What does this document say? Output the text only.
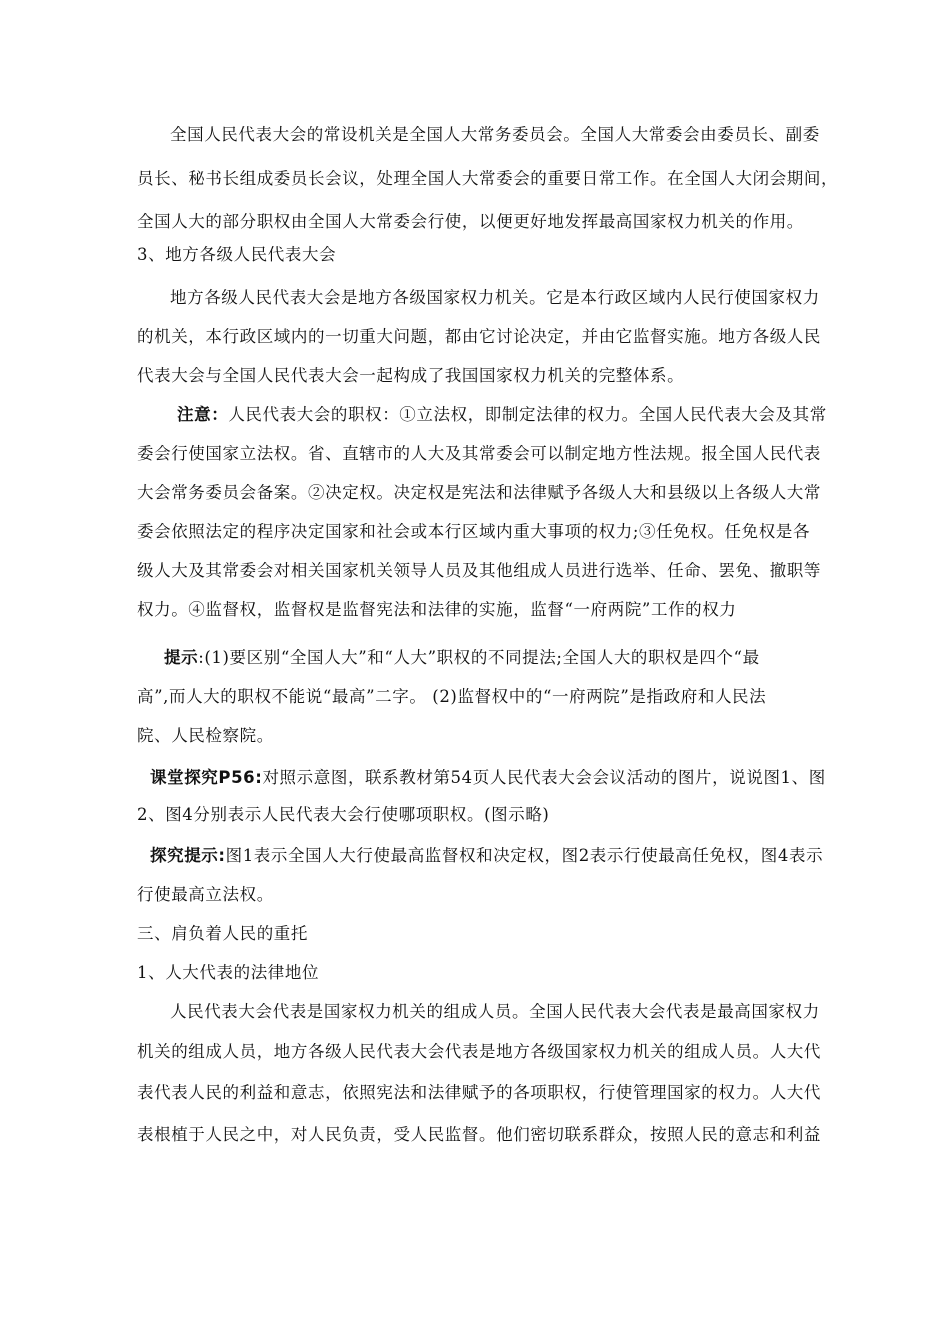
全国人民代表大会的常设机关是全国人大常务委员会。全国人大常委会由委员长、副委
员长、秘书长组成委员长会议，处理全国人大常委会的重要日常工作。在全国人大闭会期间，
全国人大的部分职权由全国人大常委会行使，以便更好地发挥最高国家权力机关的作用。
3、地方各级人民代表大会
地方各级人民代表大会是地方各级国家权力机关。它是本行政区域内人民行使国家权力
的机关，本行政区域内的一切重大问题，都由它讨论决定，并由它监督实施。地方各级人民
代表大会与全国人民代表大会一起构成了我国国家权力机关的完整体系。
注意：人民代表大会的职权：①立法权，即制定法律的权力。全国人民代表大会及其常
委会行使国家立法权。省、直辖市的人大及其常委会可以制定地方性法规。报全国人民代表
大会常务委员会备案。②决定权。决定权是宪法和法律赋予各级人大和县级以上各级人大常
委会依照法定的程序决定国家和社会或本行区域内重大事项的权力;③任免权。任免权是各
级人大及其常委会对相关国家机关领导人员及其他组成人员进行选举、任命、罢免、撤职等
权力。④监督权，监督权是监督宪法和法律的实施，监督“一府两院”工作的权力
提示:(1)要区别“全国人大”和“人大”职权的不同提法;全国人大的职权是四个“最
高”,而人大的职权不能说“最高”二字。 (2)监督权中的“一府两院”是指政府和人民法
院、人民检察院。
课堂探究P56:对照示意图，联系教材第54页人民代表大会会议活动的图片，说说图1、图
2、图4分别表示人民代表大会行使哪项职权。(图示略)
探究提示:图1表示全国人大行使最高监督权和决定权，图2表示行使最高任免权，图4表示
行使最高立法权。
三、肩负着人民的重托
1、人大代表的法律地位
人民代表大会代表是国家权力机关的组成人员。全国人民代表大会代表是最高国家权力
机关的组成人员，地方各级人民代表大会代表是地方各级国家权力机关的组成人员。人大代
表代表人民的利益和意志，依照宪法和法律赋予的各项职权，行使管理国家的权力。人大代
表根植于人民之中，对人民负责，受人民监督。他们密切联系群众，按照人民的意志和利益
